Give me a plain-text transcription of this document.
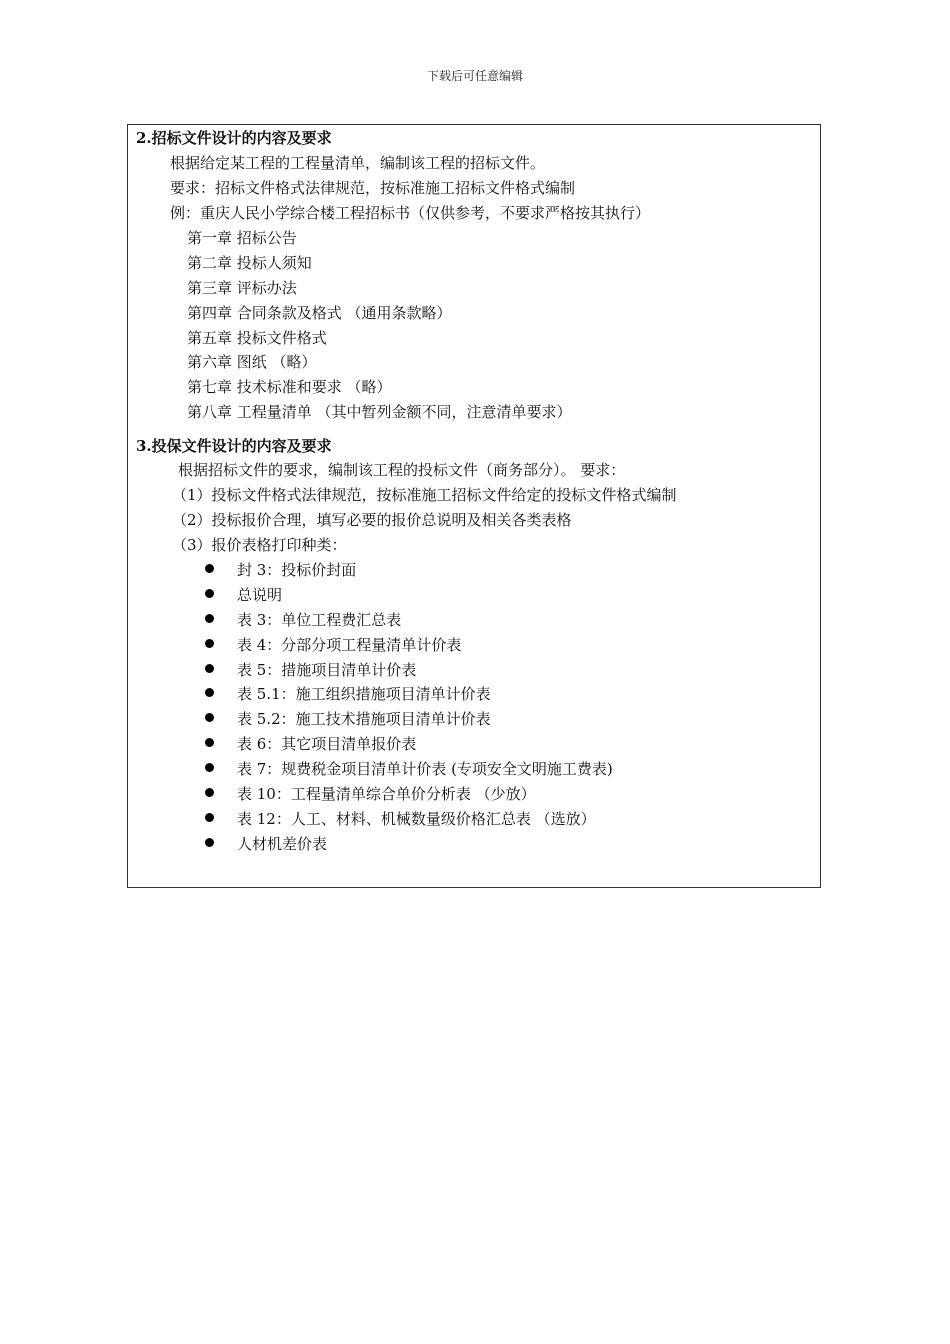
下载后可任意编辑
2.招标文件设计的内容及要求
根据给定某工程的工程量清单，编制该工程的招标文件。
要求：招标文件格式法律规范，按标准施工招标文件格式编制
例：重庆人民小学综合楼工程招标书（仅供参考，不要求严格按其执行）
第一章 招标公告
第二章 投标人须知
第三章 评标办法
第四章 合同条款及格式 （通用条款略）
第五章 投标文件格式
第六章 图纸 （略）
第七章 技术标准和要求 （略）
第八章 工程量清单 （其中暂列金额不同，注意清单要求）
3.投保文件设计的内容及要求
根据招标文件的要求，编制该工程的投标文件（商务部分）。 要求：
（1）投标文件格式法律规范，按标准施工招标文件给定的投标文件格式编制
（2）投标报价合理，填写必要的报价总说明及相关各类表格
（3）报价表格打印种类：
封 3：投标价封面
总说明
表 3：单位工程费汇总表
表 4：分部分项工程量清单计价表
表 5：措施项目清单计价表
表 5.1：施工组织措施项目清单计价表
表 5.2：施工技术措施项目清单计价表
表 6：其它项目清单报价表
表 7：规费税金项目清单计价表 (专项安全文明施工费表)
表 10：工程量清单综合单价分析表 （少放）
表 12：人工、材料、机械数量级价格汇总表 （选放）
人材机差价表
